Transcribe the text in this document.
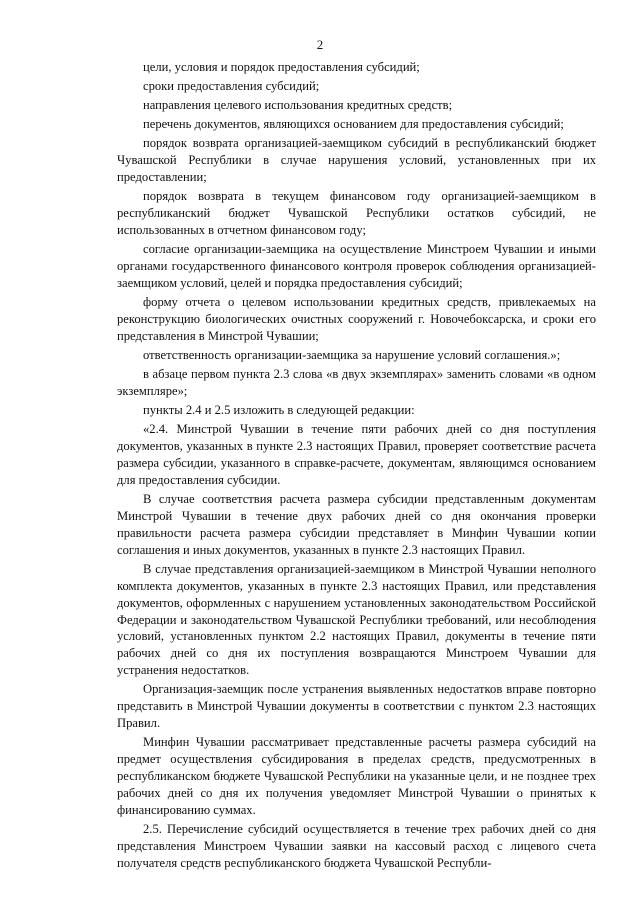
2

цели, условия и порядок предоставления субсидий;

сроки предоставления субсидий;

направления целевого использования кредитных средств;

перечень документов, являющихся основанием для предоставления субсидий;

порядок возврата организацией-заемщиком субсидий в республиканский бюджет Чувашской Республики в случае нарушения условий, установленных при их предоставлении;

порядок возврата в текущем финансовом году организацией-заемщиком в республиканский бюджет Чувашской Республики остатков субсидий, не использованных в отчетном финансовом году;

согласие организации-заемщика на осуществление Минстроем Чувашии и иными органами государственного финансового контроля проверок соблюдения организацией-заемщиком условий, целей и порядка предоставления субсидий;

форму отчета о целевом использовании кредитных средств, привлекаемых на реконструкцию биологических очистных сооружений г. Новочебоксарска, и сроки его представления в Минстрой Чувашии;

ответственность организации-заемщика за нарушение условий соглашения.»;

в абзаце первом пункта 2.3 слова «в двух экземплярах» заменить словами «в одном экземпляре»;

пункты 2.4 и 2.5 изложить в следующей редакции:

«2.4. Минстрой Чувашии в течение пяти рабочих дней со дня поступления документов, указанных в пункте 2.3 настоящих Правил, проверяет соответствие расчета размера субсидии, указанного в справке-расчете, документам, являющимся основанием для предоставления субсидии.

В случае соответствия расчета размера субсидии представленным документам Минстрой Чувашии в течение двух рабочих дней со дня окончания проверки правильности расчета размера субсидии представляет в Минфин Чувашии копии соглашения и иных документов, указанных в пункте 2.3 настоящих Правил.

В случае представления организацией-заемщиком в Минстрой Чувашии неполного комплекта документов, указанных в пункте 2.3 настоящих Правил, или представления документов, оформленных с нарушением установленных законодательством Российской Федерации и законодательством Чувашской Республики требований, или несоблюдения условий, установленных пунктом 2.2 настоящих Правил, документы в течение пяти рабочих дней со дня их поступления возвращаются Минстроем Чувашии для устранения недостатков.

Организация-заемщик после устранения выявленных недостатков вправе повторно представить в Минстрой Чувашии документы в соответствии с пунктом 2.3 настоящих Правил.

Минфин Чувашии рассматривает представленные расчеты размера субсидий на предмет осуществления субсидирования в пределах средств, предусмотренных в республиканском бюджете Чувашской Республики на указанные цели, и не позднее трех рабочих дней со дня их получения уведомляет Минстрой Чувашии о принятых к финансированию суммах.

2.5. Перечисление субсидий осуществляется в течение трех рабочих дней со дня представления Минстроем Чувашии заявки на кассовый расход с лицевого счета получателя средств республиканского бюджета Чувашской Республи-
